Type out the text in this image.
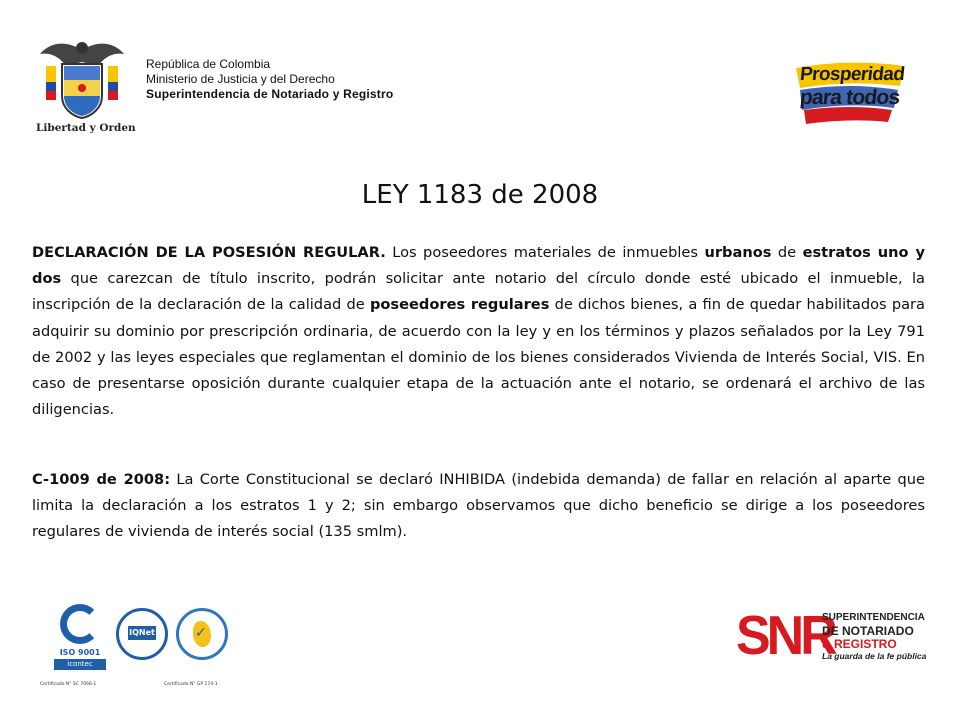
Libertad y Orden
República de Colombia
Ministerio de Justicia y del Derecho
Superintendencia de Notariado y Registro
Prosperidad
para todos
LEY 1183 de 2008

DECLARACIÓN DE LA POSESIÓN REGULAR. Los poseedores materiales de inmuebles urbanos de estratos uno y dos que carezcan de título inscrito, podrán solicitar ante notario del círculo donde esté ubicado el inmueble, la inscripción de la declaración de la calidad de poseedores regulares de dichos bienes, a fin de quedar habilitados para adquirir su dominio por prescripción ordinaria, de acuerdo con la ley y en los términos y plazos señalados por la Ley 791 de 2002 y las leyes especiales que reglamentan el dominio de los bienes considerados Vivienda de Interés Social, VIS. En caso de presentarse oposición durante cualquier etapa de la actuación ante el notario, se ordenará el archivo de las diligencias.

C-1009 de 2008: La Corte Constitucional se declaró INHIBIDA (indebida demanda) de fallar en relación al aparte que limita la declaración a los estratos 1 y 2; sin embargo observamos que dicho beneficio se dirige a los poseedores regulares de vivienda de interés social (135 smlm).

ISO 9001
icontec
IQNet	✓
Certificado N° SC 7066-1	Certificado N° GP 174-1
SNR
SUPERINTENDENCIA
DE NOTARIADO
& REGISTRO
La guarda de la fe pública
